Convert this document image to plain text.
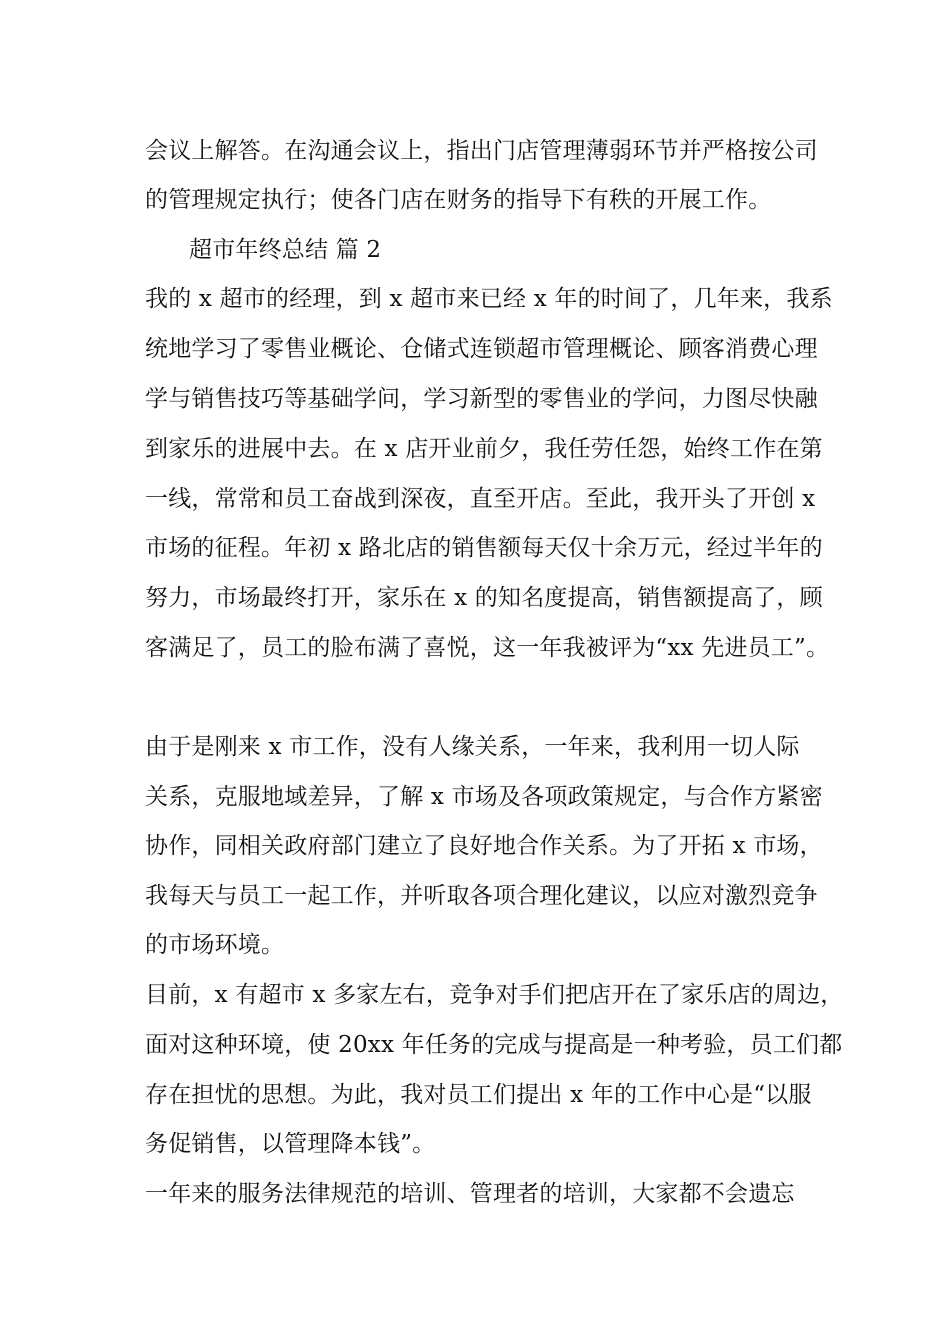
会议上解答。在沟通会议上，指出门店管理薄弱环节并严格按公司
的管理规定执行；使各门店在财务的指导下有秩的开展工作。
超市年终总结 篇 2
我的 x 超市的经理，到 x 超市来已经 x 年的时间了，几年来，我系
统地学习了零售业概论、仓储式连锁超市管理概论、顾客消费心理
学与销售技巧等基础学问，学习新型的零售业的学问，力图尽快融
到家乐的进展中去。在 x 店开业前夕，我任劳任怨，始终工作在第
一线，常常和员工奋战到深夜，直至开店。至此，我开头了开创 x
市场的征程。年初 x 路北店的销售额每天仅十余万元，经过半年的
努力，市场最终打开，家乐在 x 的知名度提高，销售额提高了，顾
客满足了，员工的脸布满了喜悦，这一年我被评为“xx 先进员工”。
由于是刚来 x 市工作，没有人缘关系，一年来，我利用一切人际
关系，克服地域差异，了解 x 市场及各项政策规定，与合作方紧密
协作，同相关政府部门建立了良好地合作关系。为了开拓 x 市场，
我每天与员工一起工作，并听取各项合理化建议，以应对激烈竞争
的市场环境。
目前，x 有超市 x 多家左右，竞争对手们把店开在了家乐店的周边，
面对这种环境，使 20xx 年任务的完成与提高是一种考验，员工们都
存在担忧的思想。为此，我对员工们提出 x 年的工作中心是“以服
务促销售，以管理降本钱”。
一年来的服务法律规范的培训、管理者的培训，大家都不会遗忘
